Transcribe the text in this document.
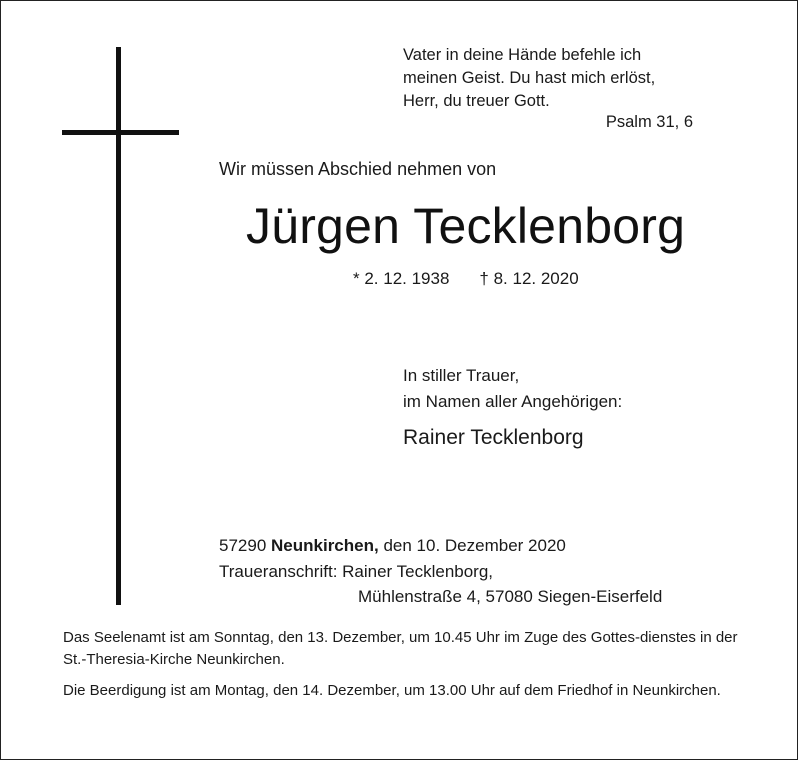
Vater in deine Hände befehle ich
meinen Geist. Du hast mich erlöst,
Herr, du treuer Gott.
Psalm 31, 6
Wir müssen Abschied nehmen von
Jürgen Tecklenborg
* 2. 12. 1938 † 8. 12. 2020
In stiller Trauer,
im Namen aller Angehörigen:
Rainer Tecklenborg
57290 Neunkirchen, den 10. Dezember 2020
Traueranschrift: Rainer Tecklenborg,
Mühlenstraße 4, 57080 Siegen-Eiserfeld
Das Seelenamt ist am Sonntag, den 13. Dezember, um 10.45 Uhr im Zuge des Gottes-dienstes in der St.-Theresia-Kirche Neunkirchen.
Die Beerdigung ist am Montag, den 14. Dezember, um 13.00 Uhr auf dem Friedhof in Neunkirchen.
